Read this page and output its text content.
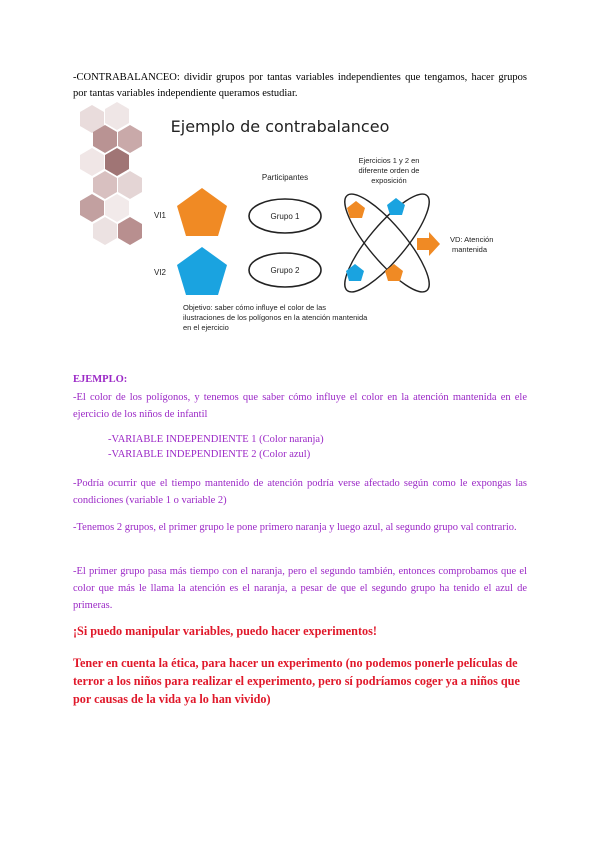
-CONTRABALANCEO: dividir grupos por tantas variables independientes que tengamos, hacer grupos por tantas variables independiente queramos estudiar.

Ejemplo de contrabalanceo
Participantes
Ejercicios 1 y 2 en
diferente orden de
exposición
VI1
VI2
Grupo 1
Grupo 2
VD: Atención
mantenida
Objetivo: saber cómo influye el color de las
ilustraciones de los polígonos en la atención mantenida
en el ejercicio
EJEMPLO:

-El color de los polígonos, y tenemos que saber cómo influye el color en la atención mantenida en ele ejercicio de los niños de infantil

-VARIABLE INDEPENDIENTE 1 (Color naranja)
-VARIABLE INDEPENDIENTE 2 (Color azul)

-Podría ocurrir que el tiempo mantenido de atención podría verse afectado según como le expongas las condiciones (variable 1 o variable 2)

-Tenemos 2 grupos, el primer grupo le pone primero naranja y luego azul, al segundo grupo val contrario.

-El primer grupo pasa más tiempo con el naranja, pero el segundo también, entonces comprobamos que el color que más le llama la atención es el naranja, a pesar de que el segundo grupo ha tenido el azul de primeras.

¡Si puedo manipular variables, puedo hacer experimentos!

Tener en cuenta la ética, para hacer un experimento (no podemos ponerle películas de terror a los niños para realizar el experimento, pero sí podríamos coger ya a niños que por causas de la vida ya lo han vivido)
